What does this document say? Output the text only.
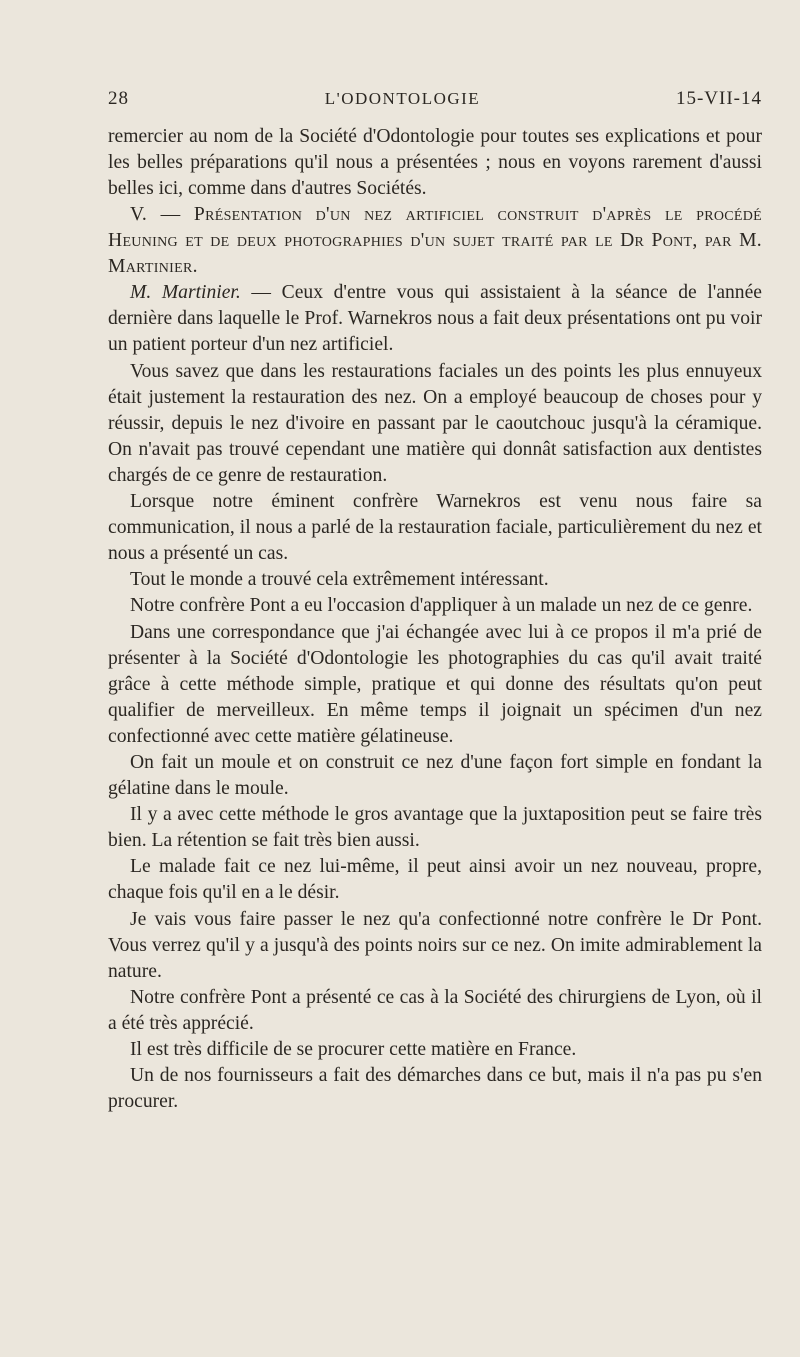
28	L'ODONTOLOGIE	15-VII-14

remercier au nom de la Société d'Odontologie pour toutes ses explications et pour les belles préparations qu'il nous a présentées ; nous en voyons rarement d'aussi belles ici, comme dans d'autres Sociétés.

V. — Présentation d'un nez artificiel construit d'après le procédé Heuning et de deux photographies d'un sujet traité par le Dr Pont, par M. Martinier.

M. Martinier. — Ceux d'entre vous qui assistaient à la séance de l'année dernière dans laquelle le Prof. Warnekros nous a fait deux présentations ont pu voir un patient porteur d'un nez artificiel.

Vous savez que dans les restaurations faciales un des points les plus ennuyeux était justement la restauration des nez. On a employé beaucoup de choses pour y réussir, depuis le nez d'ivoire en passant par le caoutchouc jusqu'à la céramique. On n'avait pas trouvé cependant une matière qui donnât satisfaction aux dentistes chargés de ce genre de restauration.

Lorsque notre éminent confrère Warnekros est venu nous faire sa communication, il nous a parlé de la restauration faciale, particulièrement du nez et nous a présenté un cas.

Tout le monde a trouvé cela extrêmement intéressant.

Notre confrère Pont a eu l'occasion d'appliquer à un malade un nez de ce genre.

Dans une correspondance que j'ai échangée avec lui à ce propos il m'a prié de présenter à la Société d'Odontologie les photographies du cas qu'il avait traité grâce à cette méthode simple, pratique et qui donne des résultats qu'on peut qualifier de merveilleux. En même temps il joignait un spécimen d'un nez confectionné avec cette matière gélatineuse.

On fait un moule et on construit ce nez d'une façon fort simple en fondant la gélatine dans le moule.

Il y a avec cette méthode le gros avantage que la juxtaposition peut se faire très bien. La rétention se fait très bien aussi.

Le malade fait ce nez lui-même, il peut ainsi avoir un nez nouveau, propre, chaque fois qu'il en a le désir.

Je vais vous faire passer le nez qu'a confectionné notre confrère le Dr Pont. Vous verrez qu'il y a jusqu'à des points noirs sur ce nez. On imite admirablement la nature.

Notre confrère Pont a présenté ce cas à la Société des chirurgiens de Lyon, où il a été très apprécié.

Il est très difficile de se procurer cette matière en France.

Un de nos fournisseurs a fait des démarches dans ce but, mais il n'a pas pu s'en procurer.
